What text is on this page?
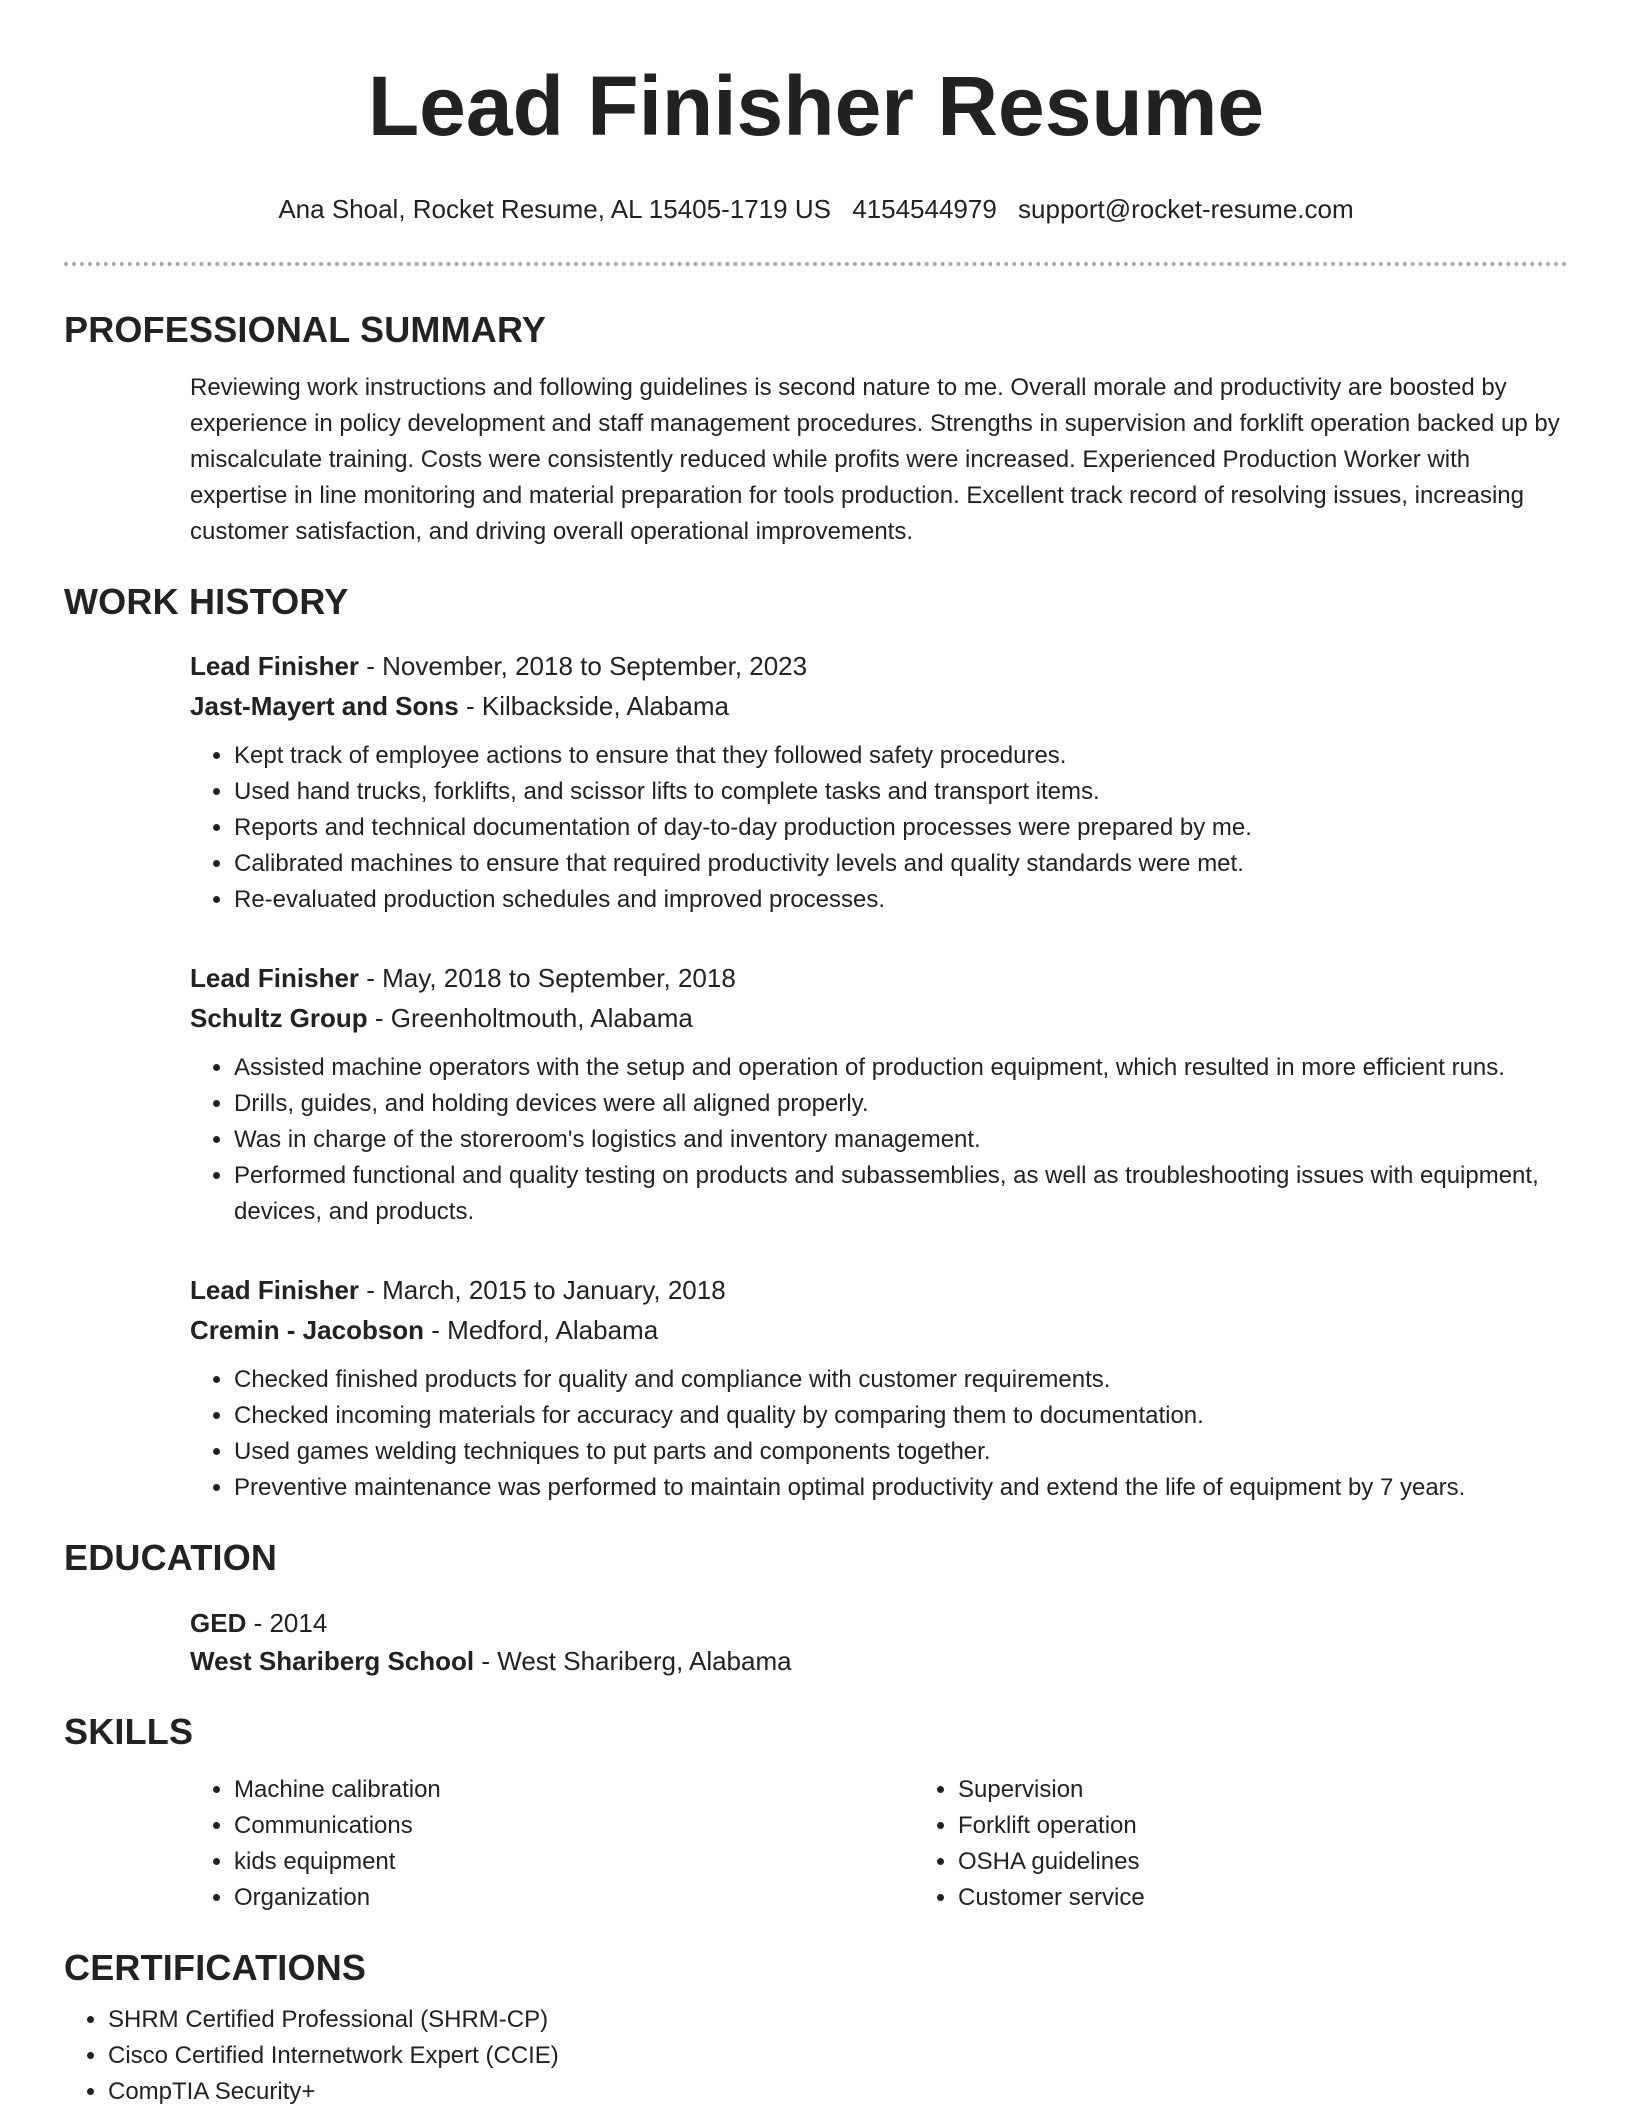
Lead Finisher Resume
Ana Shoal, Rocket Resume, AL 15405-1719 US 4154544979 support@rocket-resume.com
PROFESSIONAL SUMMARY
Reviewing work instructions and following guidelines is second nature to me. Overall morale and productivity are boosted by experience in policy development and staff management procedures. Strengths in supervision and forklift operation backed up by miscalculate training. Costs were consistently reduced while profits were increased. Experienced Production Worker with expertise in line monitoring and material preparation for tools production. Excellent track record of resolving issues, increasing customer satisfaction, and driving overall operational improvements.
WORK HISTORY
Lead Finisher - November, 2018 to September, 2023
Jast-Mayert and Sons - Kilbackside, Alabama
• Kept track of employee actions to ensure that they followed safety procedures.
• Used hand trucks, forklifts, and scissor lifts to complete tasks and transport items.
• Reports and technical documentation of day-to-day production processes were prepared by me.
• Calibrated machines to ensure that required productivity levels and quality standards were met.
• Re-evaluated production schedules and improved processes.
Lead Finisher - May, 2018 to September, 2018
Schultz Group - Greenholtmouth, Alabama
• Assisted machine operators with the setup and operation of production equipment, which resulted in more efficient runs.
• Drills, guides, and holding devices were all aligned properly.
• Was in charge of the storeroom's logistics and inventory management.
• Performed functional and quality testing on products and subassemblies, as well as troubleshooting issues with equipment, devices, and products.
Lead Finisher - March, 2015 to January, 2018
Cremin - Jacobson - Medford, Alabama
• Checked finished products for quality and compliance with customer requirements.
• Checked incoming materials for accuracy and quality by comparing them to documentation.
• Used games welding techniques to put parts and components together.
• Preventive maintenance was performed to maintain optimal productivity and extend the life of equipment by 7 years.
EDUCATION
GED - 2014
West Shariberg School - West Shariberg, Alabama
SKILLS
• Machine calibration
• Communications
• kids equipment
• Organization
• Supervision
• Forklift operation
• OSHA guidelines
• Customer service
CERTIFICATIONS
• SHRM Certified Professional (SHRM-CP)
• Cisco Certified Internetwork Expert (CCIE)
• CompTIA Security+
